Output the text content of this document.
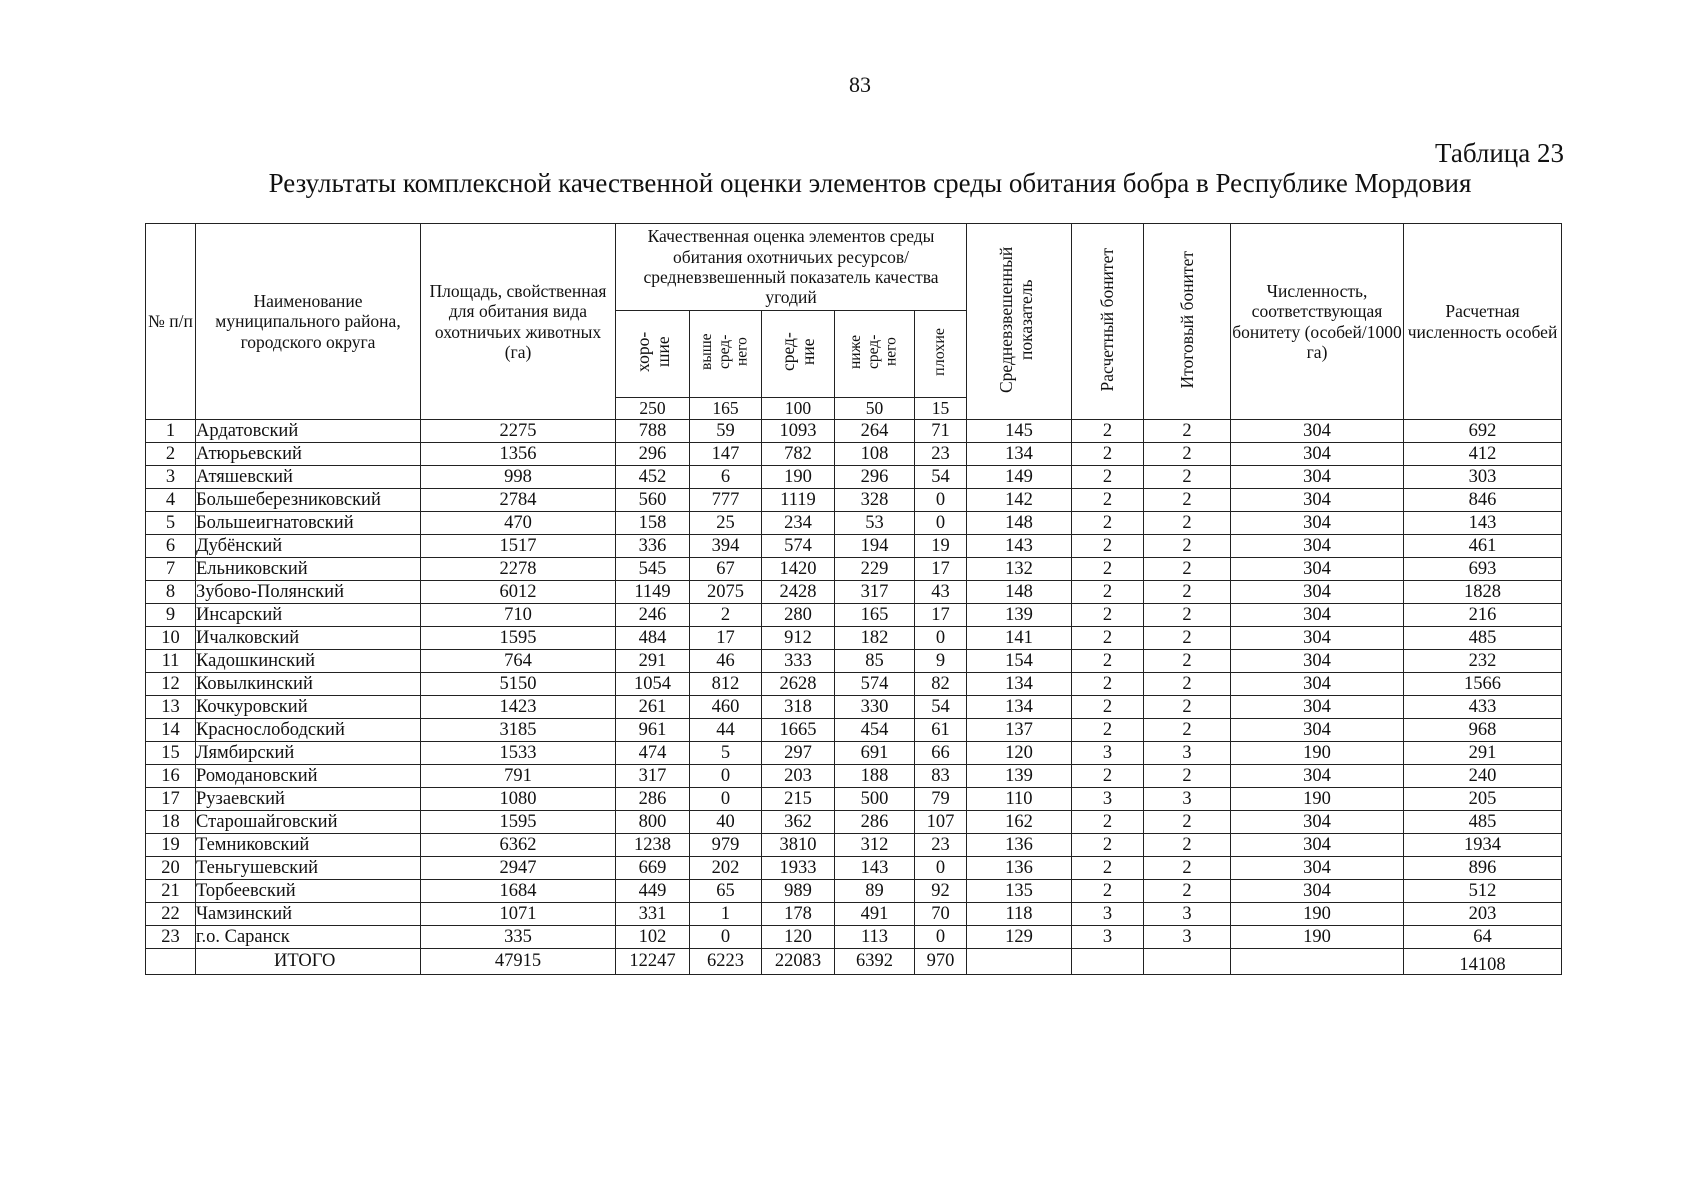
83
Таблица 23
Результаты комплексной качественной оценки элементов среды обитания бобра в Республике Мордовия
№ п/п	Наименование муниципального района, городского округа	Площадь, свойственная для обитания вида охотничьих животных (га)	Качественная оценка элементов среды обитания охотничьих ресурсов/средневзвешенный показатель качества угодий					Средневзвешенный показатель	Расчетный бонитет	Итоговый бонитет	Численность, соответствующая бонитету (особей/1000 га)	Расчетная численность особей
			хоро-шие	выше сред-него	сред-ние	ниже сред-него	плохие					
			250	165	100	50	15					
1	Ардатовский	2275	788	59	1093	264	71	145	2	2	304	692
2	Атюрьевский	1356	296	147	782	108	23	134	2	2	304	412
3	Атяшевский	998	452	6	190	296	54	149	2	2	304	303
4	Большеберезниковский	2784	560	777	1119	328	0	142	2	2	304	846
5	Большеигнатовский	470	158	25	234	53	0	148	2	2	304	143
6	Дубёнский	1517	336	394	574	194	19	143	2	2	304	461
7	Ельниковский	2278	545	67	1420	229	17	132	2	2	304	693
8	Зубово-Полянский	6012	1149	2075	2428	317	43	148	2	2	304	1828
9	Инсарский	710	246	2	280	165	17	139	2	2	304	216
10	Ичалковский	1595	484	17	912	182	0	141	2	2	304	485
11	Кадошкинский	764	291	46	333	85	9	154	2	2	304	232
12	Ковылкинский	5150	1054	812	2628	574	82	134	2	2	304	1566
13	Кочкуровский	1423	261	460	318	330	54	134	2	2	304	433
14	Краснослободский	3185	961	44	1665	454	61	137	2	2	304	968
15	Лямбирский	1533	474	5	297	691	66	120	3	3	190	291
16	Ромодановский	791	317	0	203	188	83	139	2	2	304	240
17	Рузаевский	1080	286	0	215	500	79	110	3	3	190	205
18	Старошайговский	1595	800	40	362	286	107	162	2	2	304	485
19	Темниковский	6362	1238	979	3810	312	23	136	2	2	304	1934
20	Теньгушевский	2947	669	202	1933	143	0	136	2	2	304	896
21	Торбеевский	1684	449	65	989	89	92	135	2	2	304	512
22	Чамзинский	1071	331	1	178	491	70	118	3	3	190	203
23	г.о. Саранск	335	102	0	120	113	0	129	3	3	190	64
	ИТОГО	47915	12247	6223	22083	6392	970					14108
